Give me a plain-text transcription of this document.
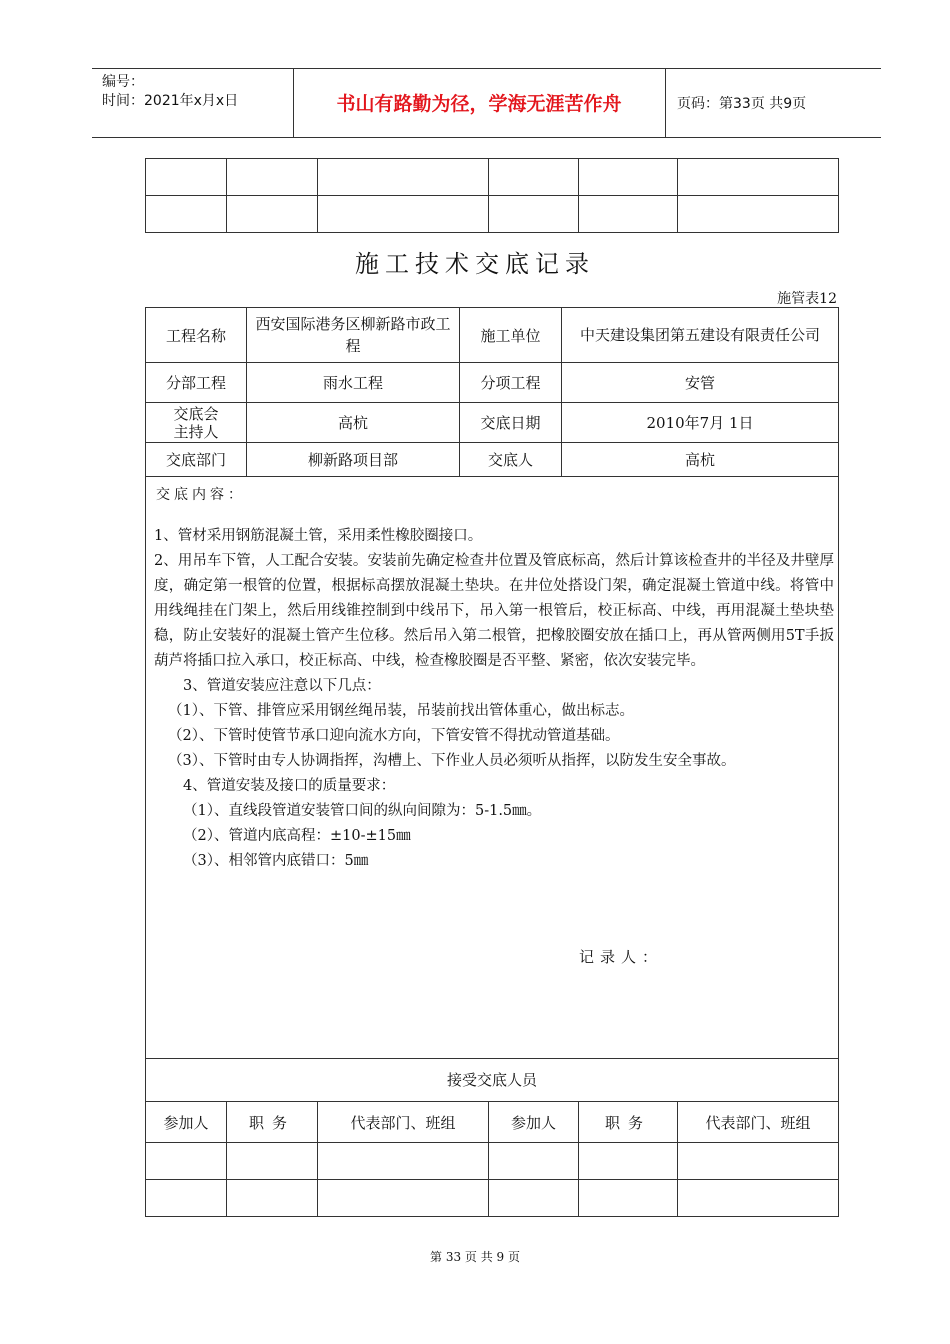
编号：
时间：2021年x月x日	书山有路勤为径，学海无涯苦作舟	页码：第33页 共9页

施工技术交底记录
施管表12
工程名称	西安国际港务区柳新路市政工程	施工单位	中天建设集团第五建设有限责任公司
分部工程	雨水工程	分项工程	安管
交底会主持人	高杭	交底日期	2010年7月 1日
交底部门	柳新路项目部	交底人	高杭
交底内容：

1、管材采用钢筋混凝土管，采用柔性橡胶圈接口。

2、用吊车下管，人工配合安装。安装前先确定检查井位置及管底标高，然后计算该检查井的半径及井壁厚度，确定第一根管的位置，根据标高摆放混凝土垫块。在井位处搭设门架，确定混凝土管道中线。将管中用线绳挂在门架上，然后用线锥控制到中线吊下，吊入第一根管后，校正标高、中线，再用混凝土垫块垫稳，防止安装好的混凝土管产生位移。然后吊入第二根管，把橡胶圈安放在插口上，再从管两侧用5T手扳葫芦将插口拉入承口，校正标高、中线，检查橡胶圈是否平整、紧密，依次安装完毕。

3、管道安装应注意以下几点：

（1）、下管、排管应采用钢丝绳吊装，吊装前找出管体重心，做出标志。

（2）、下管时使管节承口迎向流水方向，下管安管不得扰动管道基础。

（3）、下管时由专人协调指挥，沟槽上、下作业人员必须听从指挥，以防发生安全事故。

4、管道安装及接口的质量要求：

（1）、直线段管道安装管口间的纵向间隙为：5-1.5㎜。

（2）、管道内底高程：±10-±15㎜

（3）、相邻管内底错口：5㎜

记录人：
接受交底人员
参加人	职务	代表部门、班组	参加人	职务	代表部门、班组

第 33 页 共 9 页
